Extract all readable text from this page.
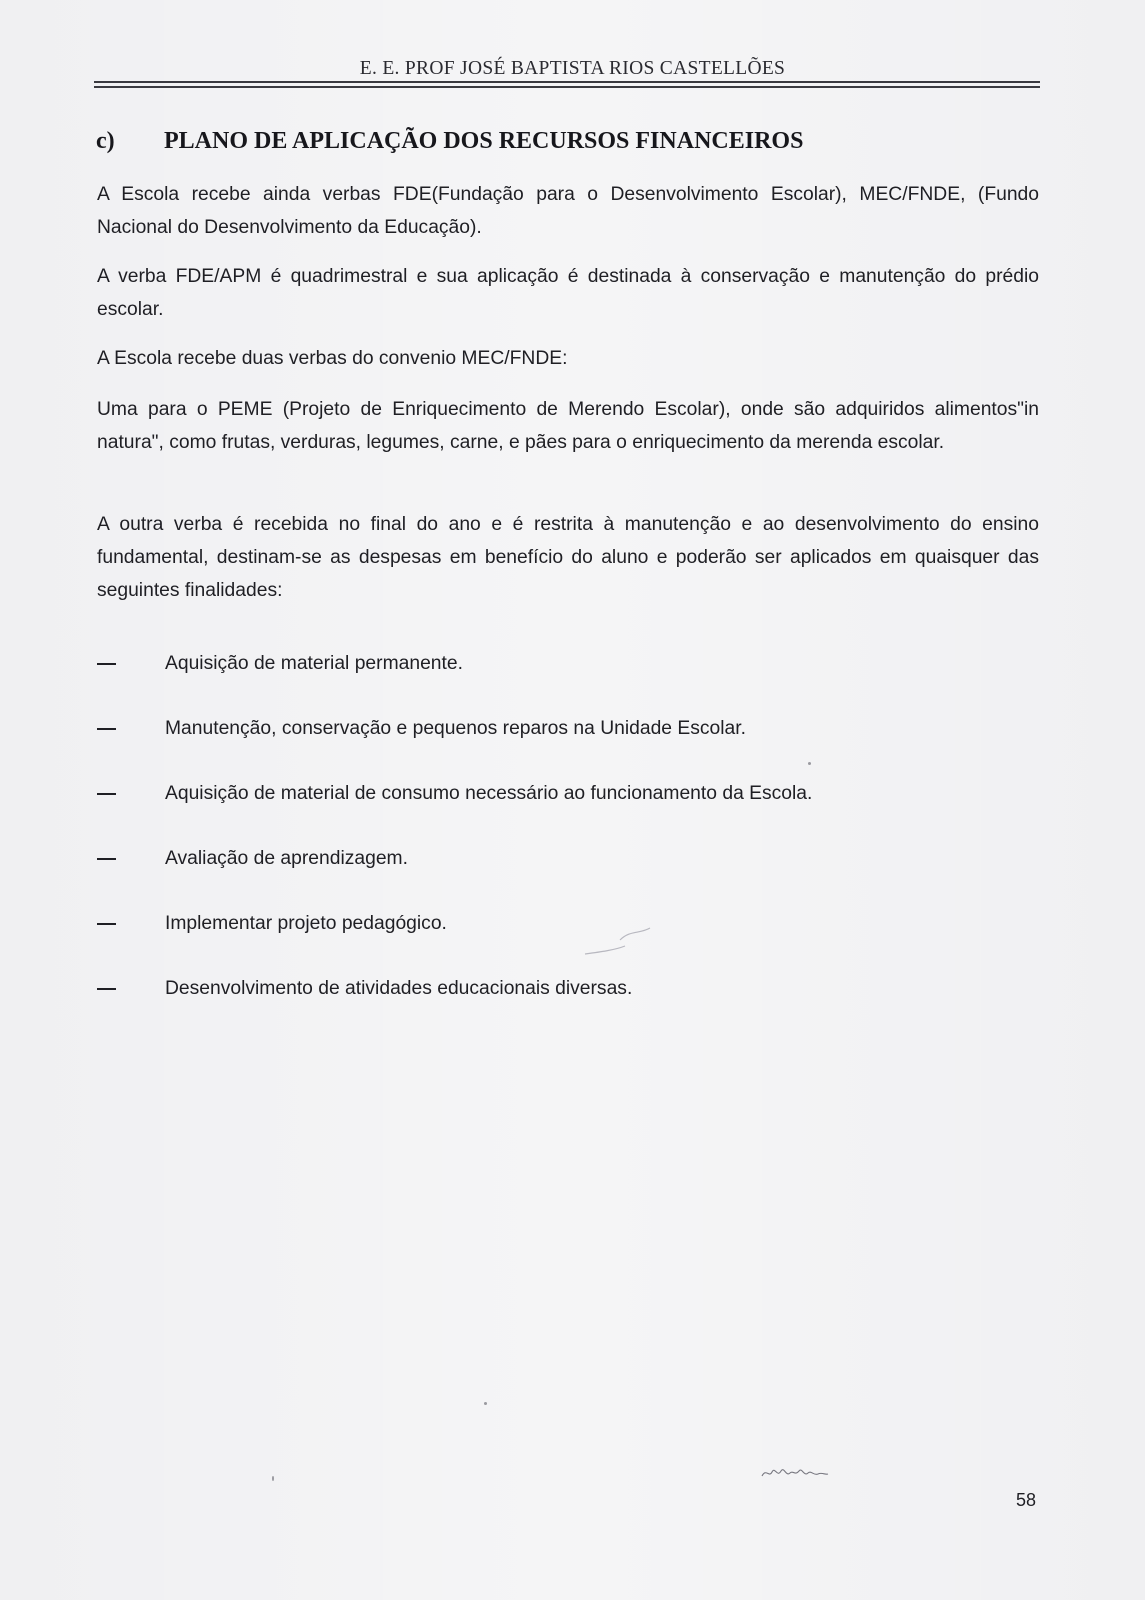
E. E. PROF JOSÉ BAPTISTA RIOS CASTELLÕES
c) PLANO DE APLICAÇÃO DOS RECURSOS FINANCEIROS

A Escola recebe ainda verbas FDE(Fundação para o Desenvolvimento Escolar), MEC/FNDE, (Fundo Nacional do Desenvolvimento da Educação).

A verba FDE/APM é quadrimestral e sua aplicação é destinada à conservação e manutenção do prédio escolar.

A Escola recebe duas verbas do convenio MEC/FNDE:

Uma para o PEME (Projeto de Enriquecimento de Merendo Escolar), onde são adquiridos alimentos"in natura", como frutas, verduras, legumes, carne, e pães para o enriquecimento da merenda escolar.

A outra verba é recebida no final do ano e é restrita à manutenção e ao desenvolvimento do ensino fundamental, destinam-se as despesas em benefício do aluno e poderão ser aplicados em quaisquer das seguintes finalidades:

Aquisição de material permanente.
Manutenção, conservação e pequenos reparos na Unidade Escolar.
Aquisição de material de consumo necessário ao funcionamento da Escola.
Avaliação de aprendizagem.
Implementar projeto pedagógico.
Desenvolvimento de atividades educacionais diversas.
58
